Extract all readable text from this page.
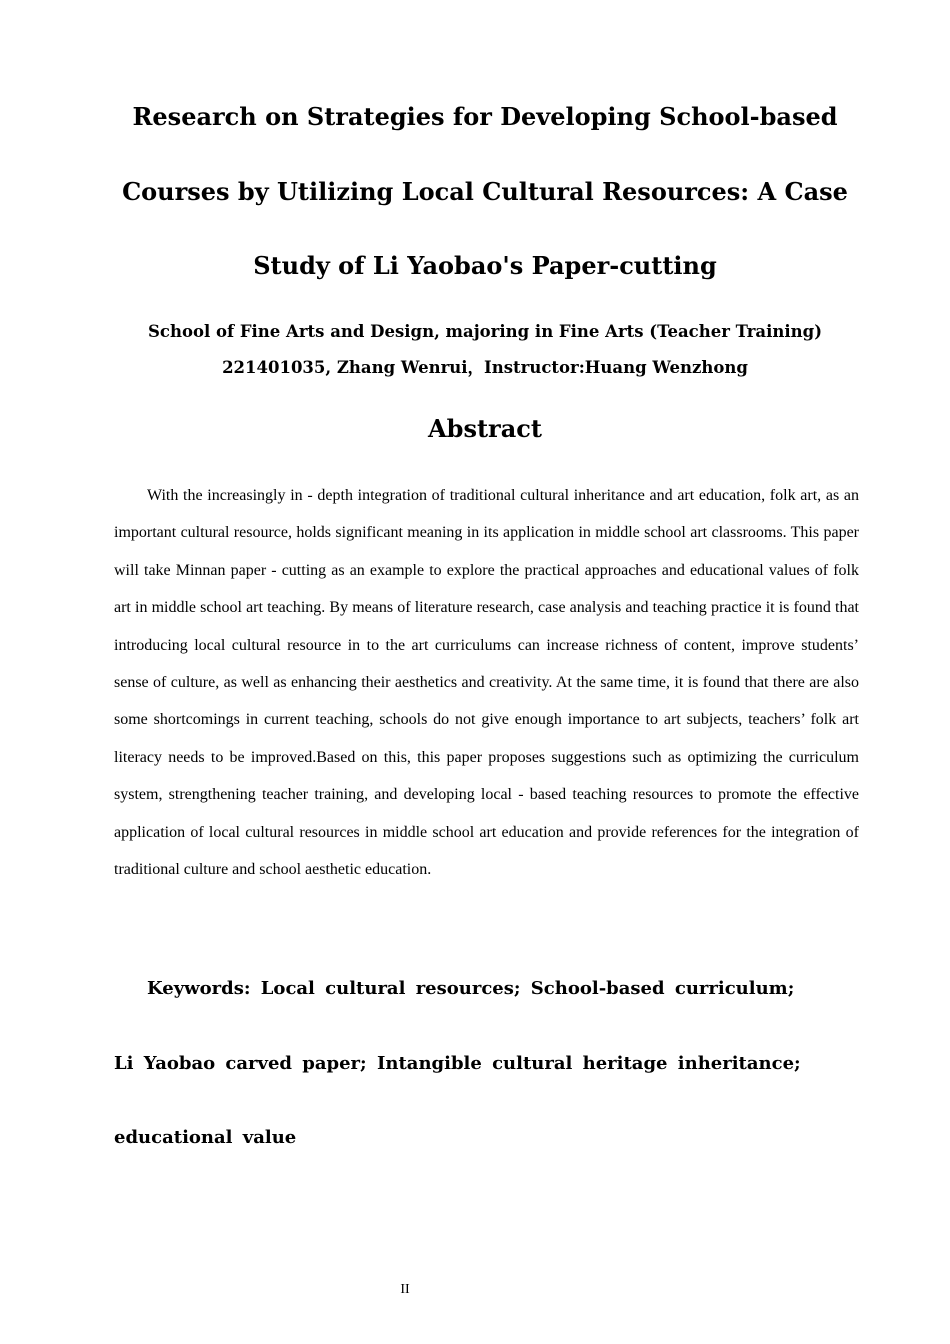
Research on Strategies for Developing School-based Courses by Utilizing Local Cultural Resources: A Case Study of Li Yaobao's Paper-cutting

School of Fine Arts and Design, majoring in Fine Arts (Teacher Training)

221401035, Zhang Wenrui，Instructor:Huang Wenzhong

Abstract

With the increasingly in - depth integration of traditional cultural inheritance and art education, folk art, as an important cultural resource, holds significant meaning in its application in middle school art classrooms. This paper will take Minnan paper - cutting as an example to explore the practical approaches and educational values of folk art in middle school art teaching. By means of literature research, case analysis and teaching practice it is found that introducing local cultural resource in to the art curriculums can increase richness of content, improve students’ sense of culture, as well as enhancing their aesthetics and creativity. At the same time, it is found that there are also some shortcomings in current teaching, schools do not give enough importance to art subjects, teachers’ folk art literacy needs to be improved.Based on this, this paper proposes suggestions such as optimizing the curriculum system, strengthening teacher training, and developing local - based teaching resources to promote the effective application of local cultural resources in middle school art education and provide references for the integration of traditional culture and school aesthetic education.

Keywords: Local cultural resources; School-based curriculum; Li Yaobao carved paper; Intangible cultural heritage inheritance; educational value

II
